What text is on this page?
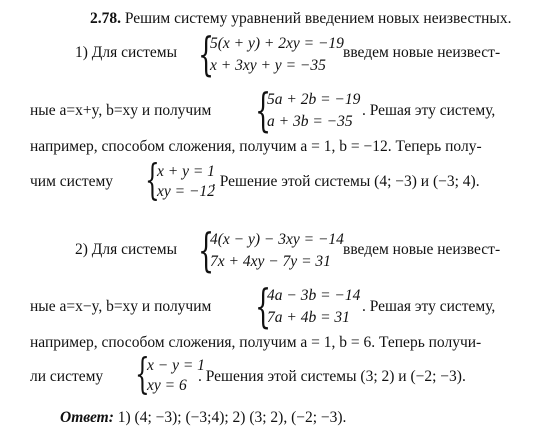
2.78. Решим систему уравнений введением новых неизвестных.
1) Для системы {
5(x + y) + 2xy = −19
x + 3xy + y = −35
введем новые неизвест-
ные a=x+y, b=xy и получим {
5a + 2b = −19
a + 3b = −35
. Решая эту систему,
например, способом сложения, получим a = 1, b = −12. Теперь полу-
чим систему {
x + y = 1
xy = −12
. Решение этой системы (4; −3) и (−3; 4).
2) Для системы {
4(x − y) − 3xy = −14
7x + 4xy − 7y = 31
введем новые неизвест-
ные a=x−y, b=xy и получим {
4a − 3b = −14
7a + 4b = 31
. Решая эту систему,
например, способом сложения, получим a = 1, b = 6. Теперь получи-
ли систему {
x − y = 1
xy = 6
. Решения этой системы (3; 2) и (−2; −3).
Ответ: 1) (4; −3); (−3;4); 2) (3; 2), (−2; −3).
